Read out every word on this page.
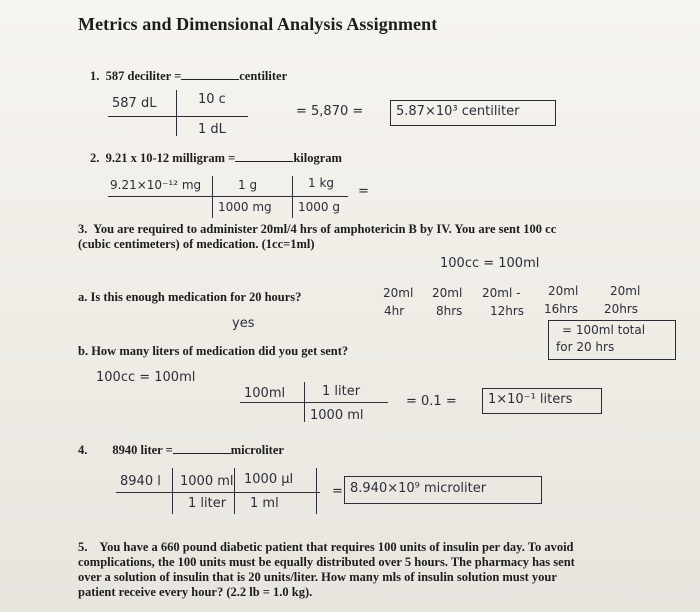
Metrics and Dimensional Analysis Assignment
1. 587 deciliter =	centiliter
587 dL	10 c
1 dL
= 5,870 =	5.87×10³ centiliter
2. 9.21 x 10-12 milligram =	kilogram
9.21×10⁻¹² mg	1 g	1 kg
=
1000 mg 1000 g
3. You are required to administer 20ml/4 hrs of amphotericin B by IV. You are sent 100 cc
(cubic centimeters) of medication. (1cc=1ml)
100cc = 100ml
a. Is this enough medication for 20 hours?
yes
20ml 20ml 20ml - 20ml	20ml
4hr	8hrs 12hrs 16hrs 20hrs
= 100ml total
for 20 hrs
b. How many liters of medication did you get sent?
100cc = 100ml
100ml	1 liter
1000 ml
= 0.1 = 1×10⁻¹ liters
4. 8940 liter =	microliter
8940 l 1000 ml 1000 μl
1 liter 1 ml
= 8.940×10⁹ microliter
5. You have a 660 pound diabetic patient that requires 100 units of insulin per day. To avoid
complications, the 100 units must be equally distributed over 5 hours. The pharmacy has sent
over a solution of insulin that is 20 units/liter. How many mls of insulin solution must your
patient receive every hour? (2.2 lb = 1.0 kg).
